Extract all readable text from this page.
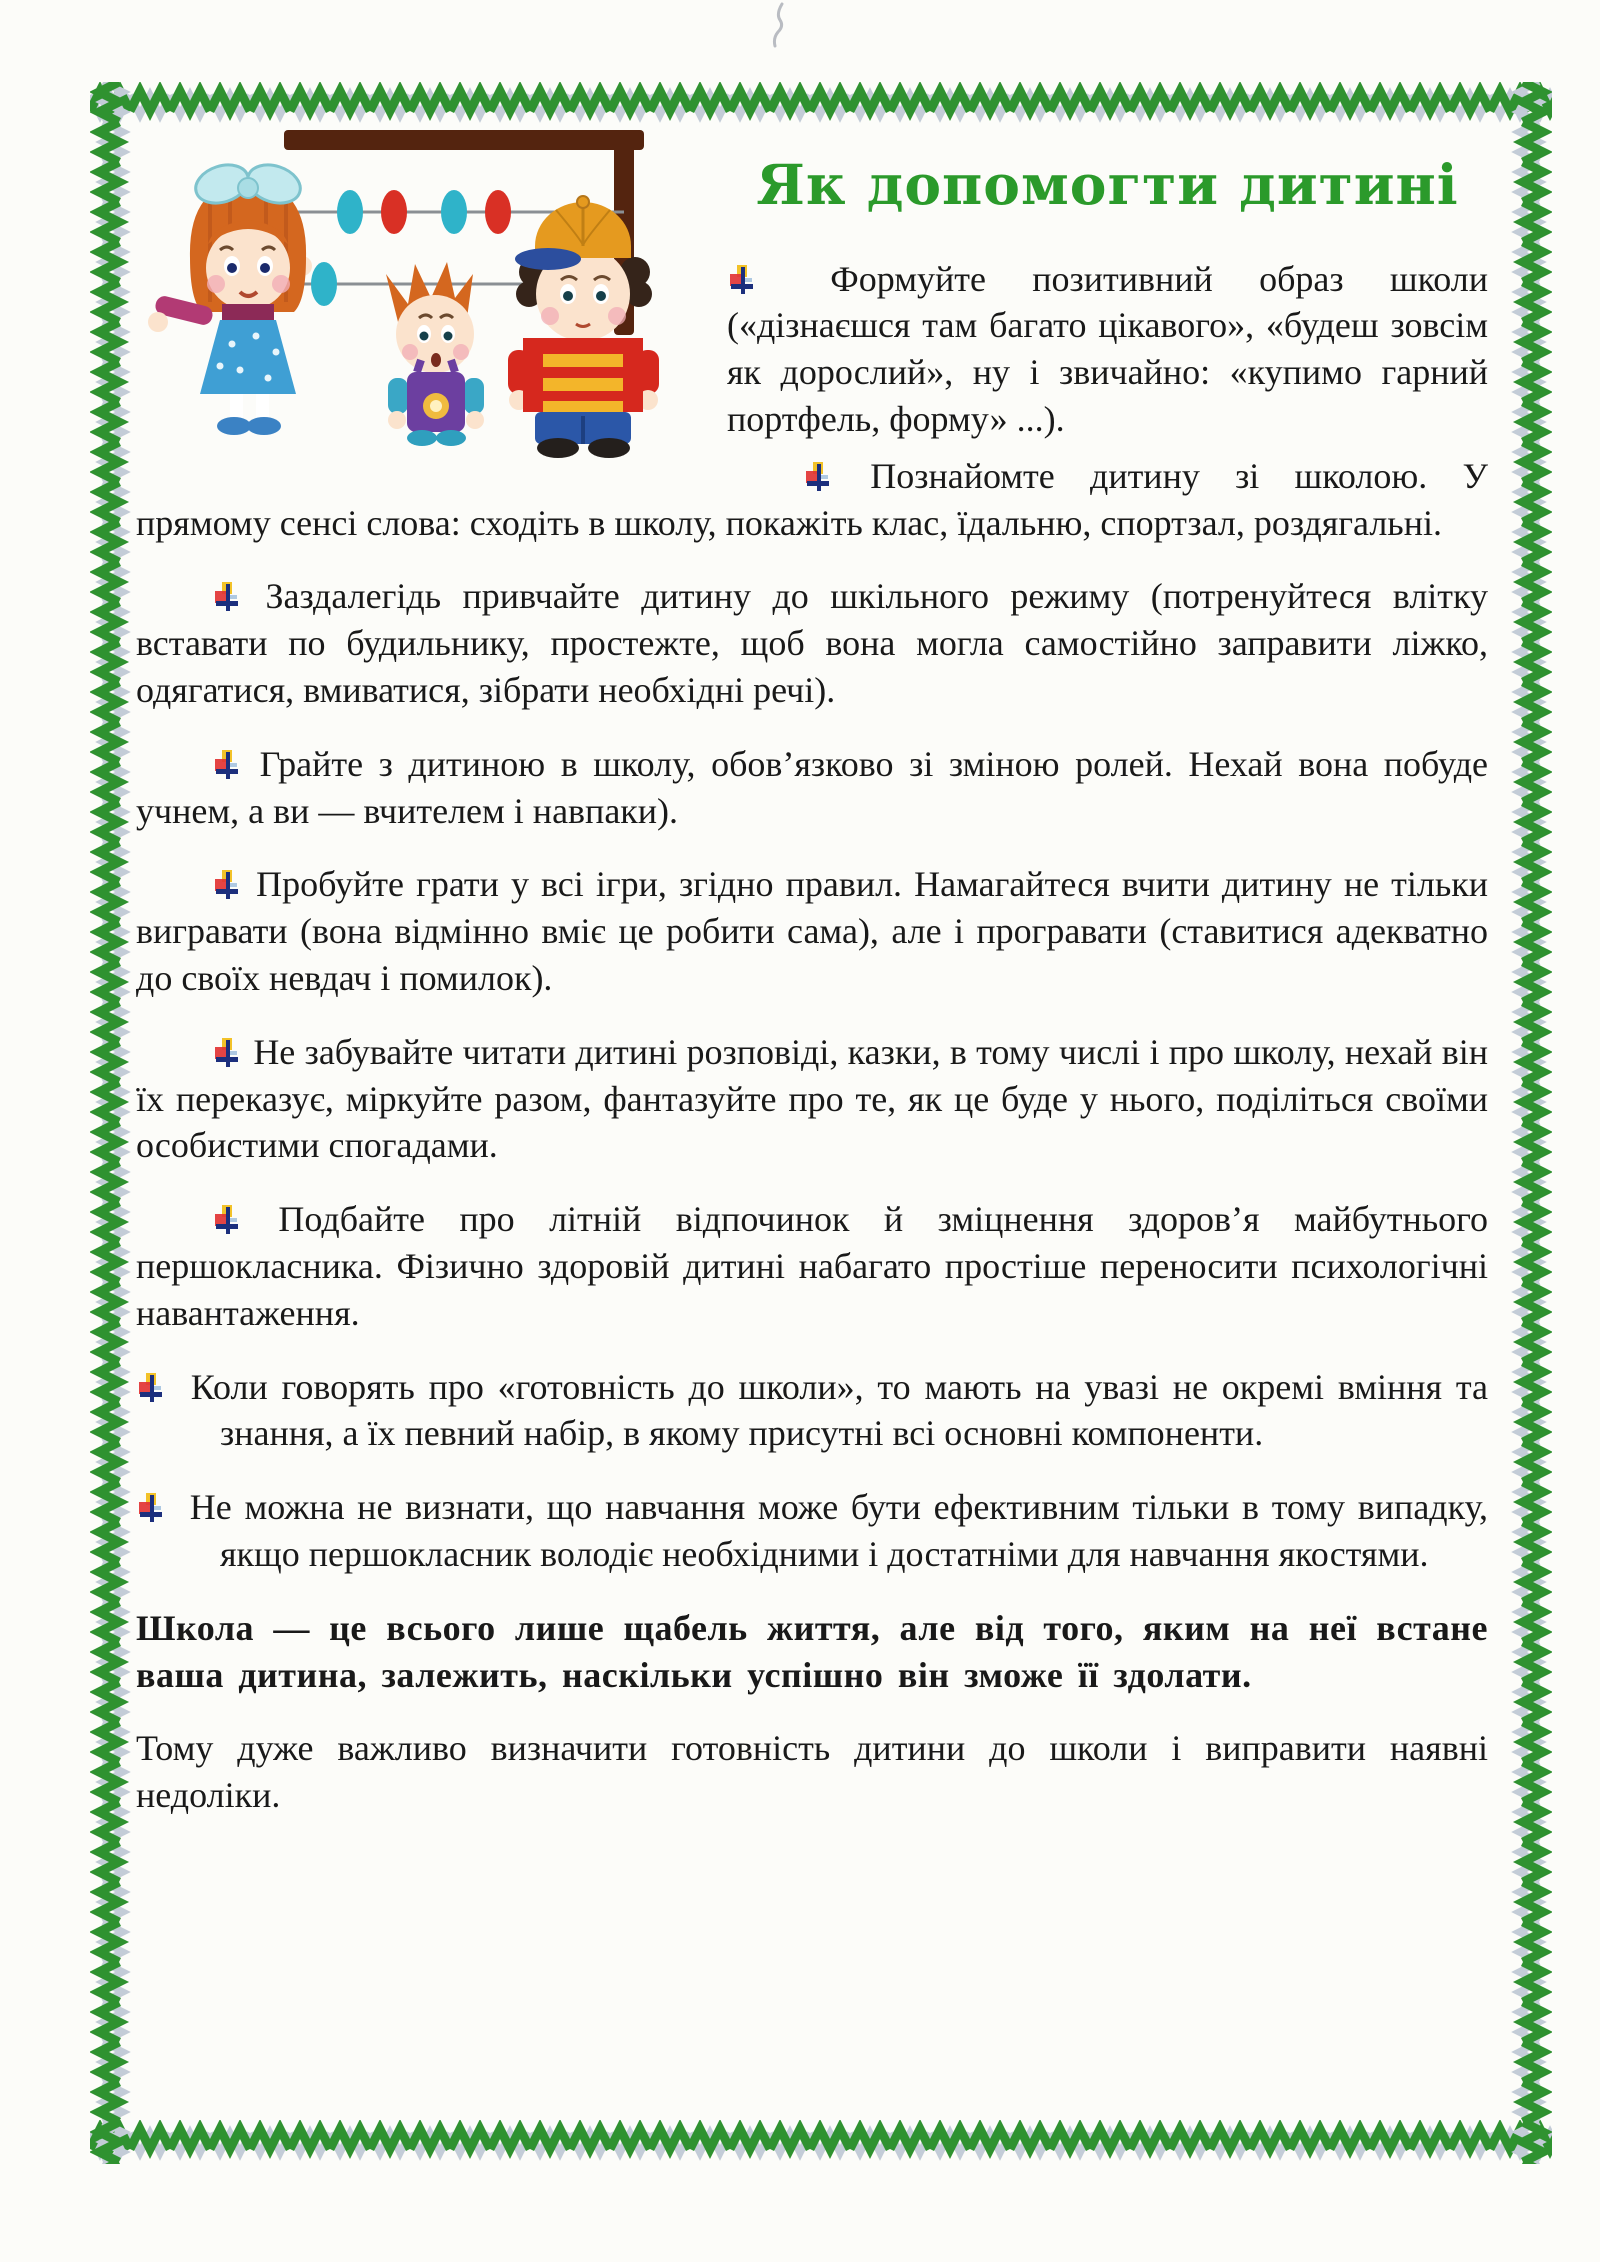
Як допомогти дитині

Формуйте позитивний образ школи («дізнаєшся там багато цікавого», «будеш зовсім як дорослий», ну і звичайно: «купимо гарний портфель, форму» ...).

Познайомте дитину зі школою. У прямому сенсі слова: сходіть в школу, покажіть клас, їдальню, спортзал, роздягальні.

Заздалегідь привчайте дитину до шкільного режиму (потренуйтеся влітку вставати по будильнику, простежте, щоб вона могла самостійно заправити ліжко, одягатися, вмиватися, зібрати необхідні речі).

Грайте з дитиною в школу, обов’язково зі зміною ролей. Нехай вона побуде учнем, а ви — вчителем і навпаки).

Пробуйте грати у всі ігри, згідно правил. Намагайтеся вчити дитину не тільки вигравати (вона відмінно вміє це робити сама), але і програвати (ставитися адекватно до своїх невдач і помилок).

Не забувайте читати дитині розповіді, казки, в тому числі і про школу, нехай він їх переказує, міркуйте разом, фантазуйте про те, як це буде у нього, поділіться своїми особистими спогадами.

Подбайте про літній відпочинок й зміцнення здоров’я майбутнього першокласника. Фізично здоровій дитині набагато простіше переносити психологічні навантаження.

Коли говорять про «готовність до школи», то мають на увазі не окремі вміння та знання, а їх певний набір, в якому присутні всі основні компоненти.

Не можна не визнати, що навчання може бути ефективним тільки в тому випадку, якщо першокласник володіє необхідними і достатніми для навчання якостями.

Школа — це всього лише щабель життя, але від того, яким на неї встане ваша дитина, залежить, наскільки успішно він зможе її здолати.

Тому дуже важливо визначити готовність дитини до школи і виправити наявні недоліки.
